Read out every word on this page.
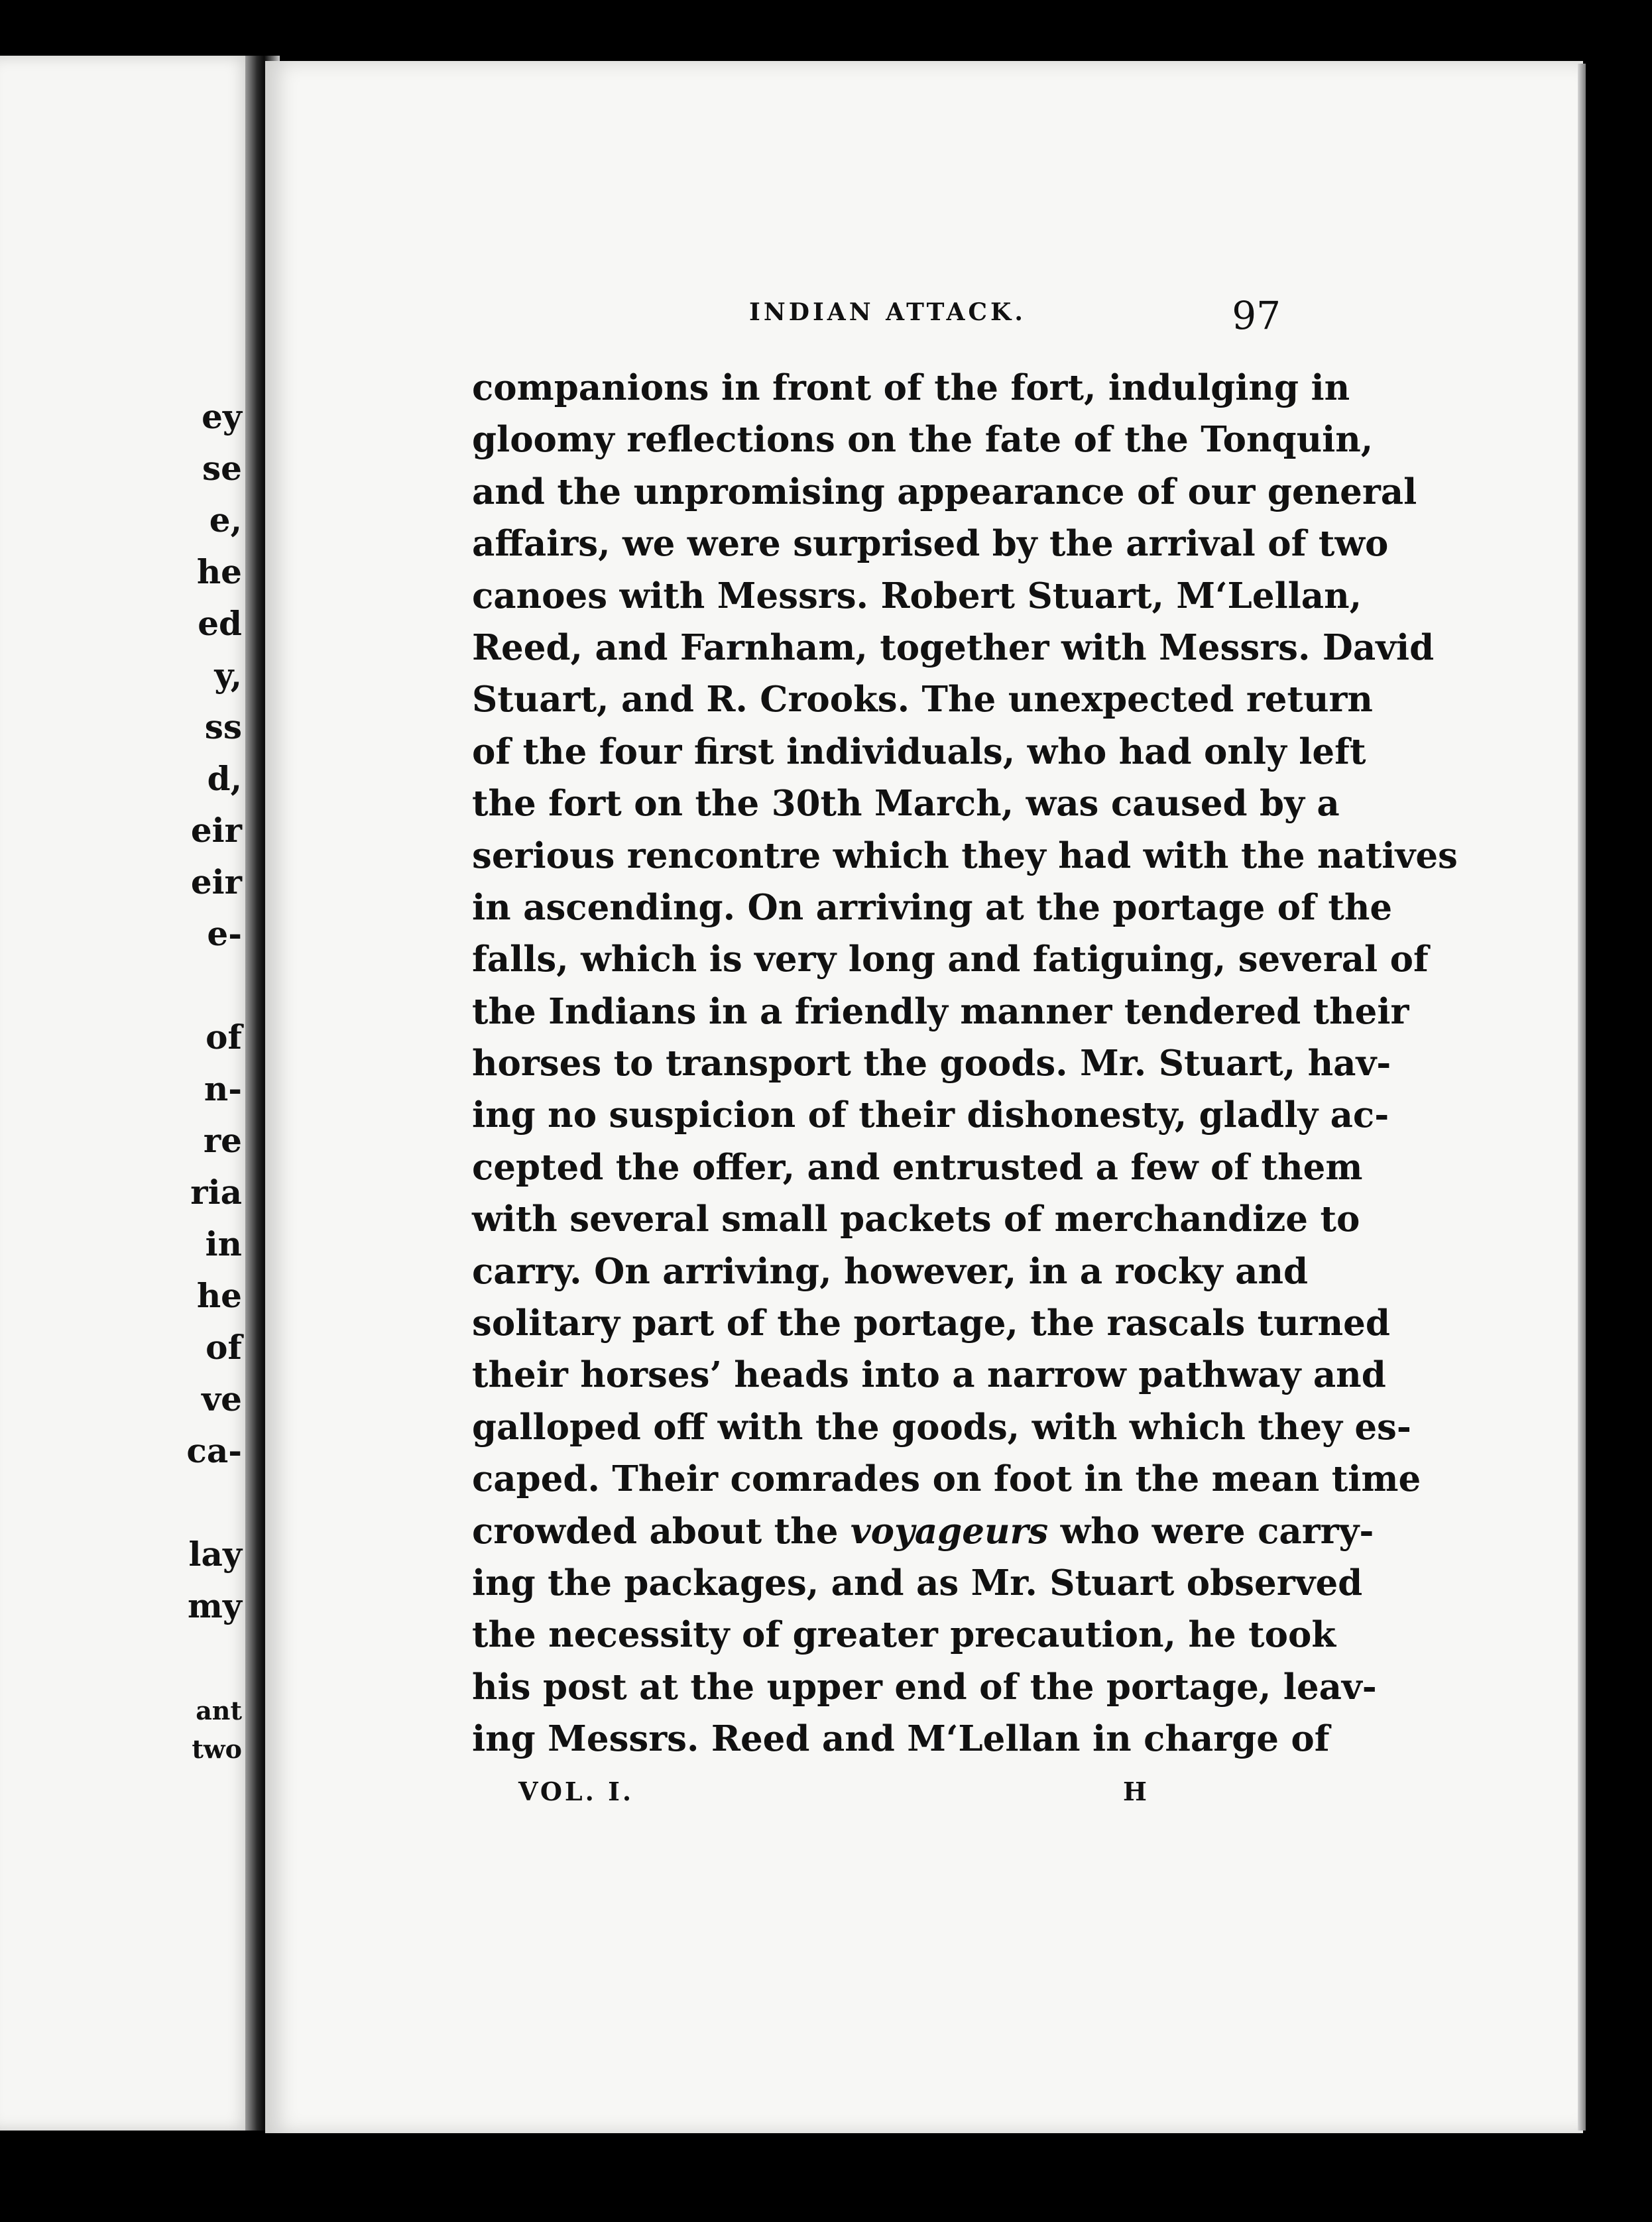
ey
se
e,
he
ed
y,
ss
d,
eir
eir
e-
of
n-
re
ria
in
he
of
ve
ca-
lay
my
ant
two
INDIAN ATTACK.	97
companions in front of the fort, indulging in
gloomy reflections on the fate of the Tonquin,
and the unpromising appearance of our general
affairs, we were surprised by the arrival of two
canoes with Messrs. Robert Stuart, M‘Lellan,
Reed, and Farnham, together with Messrs. David
Stuart, and R. Crooks. The unexpected return
of the four first individuals, who had only left
the fort on the 30th March, was caused by a
serious rencontre which they had with the natives
in ascending. On arriving at the portage of the
falls, which is very long and fatiguing, several of
the Indians in a friendly manner tendered their
horses to transport the goods. Mr. Stuart, hav-
ing no suspicion of their dishonesty, gladly ac-
cepted the offer, and entrusted a few of them
with several small packets of merchandize to
carry. On arriving, however, in a rocky and
solitary part of the portage, the rascals turned
their horses’ heads into a narrow pathway and
galloped off with the goods, with which they es-
caped. Their comrades on foot in the mean time
crowded about the voyageurs who were carry-
ing the packages, and as Mr. Stuart observed
the necessity of greater precaution, he took
his post at the upper end of the portage, leav-
ing Messrs. Reed and M‘Lellan in charge of
VOL. I.	H
